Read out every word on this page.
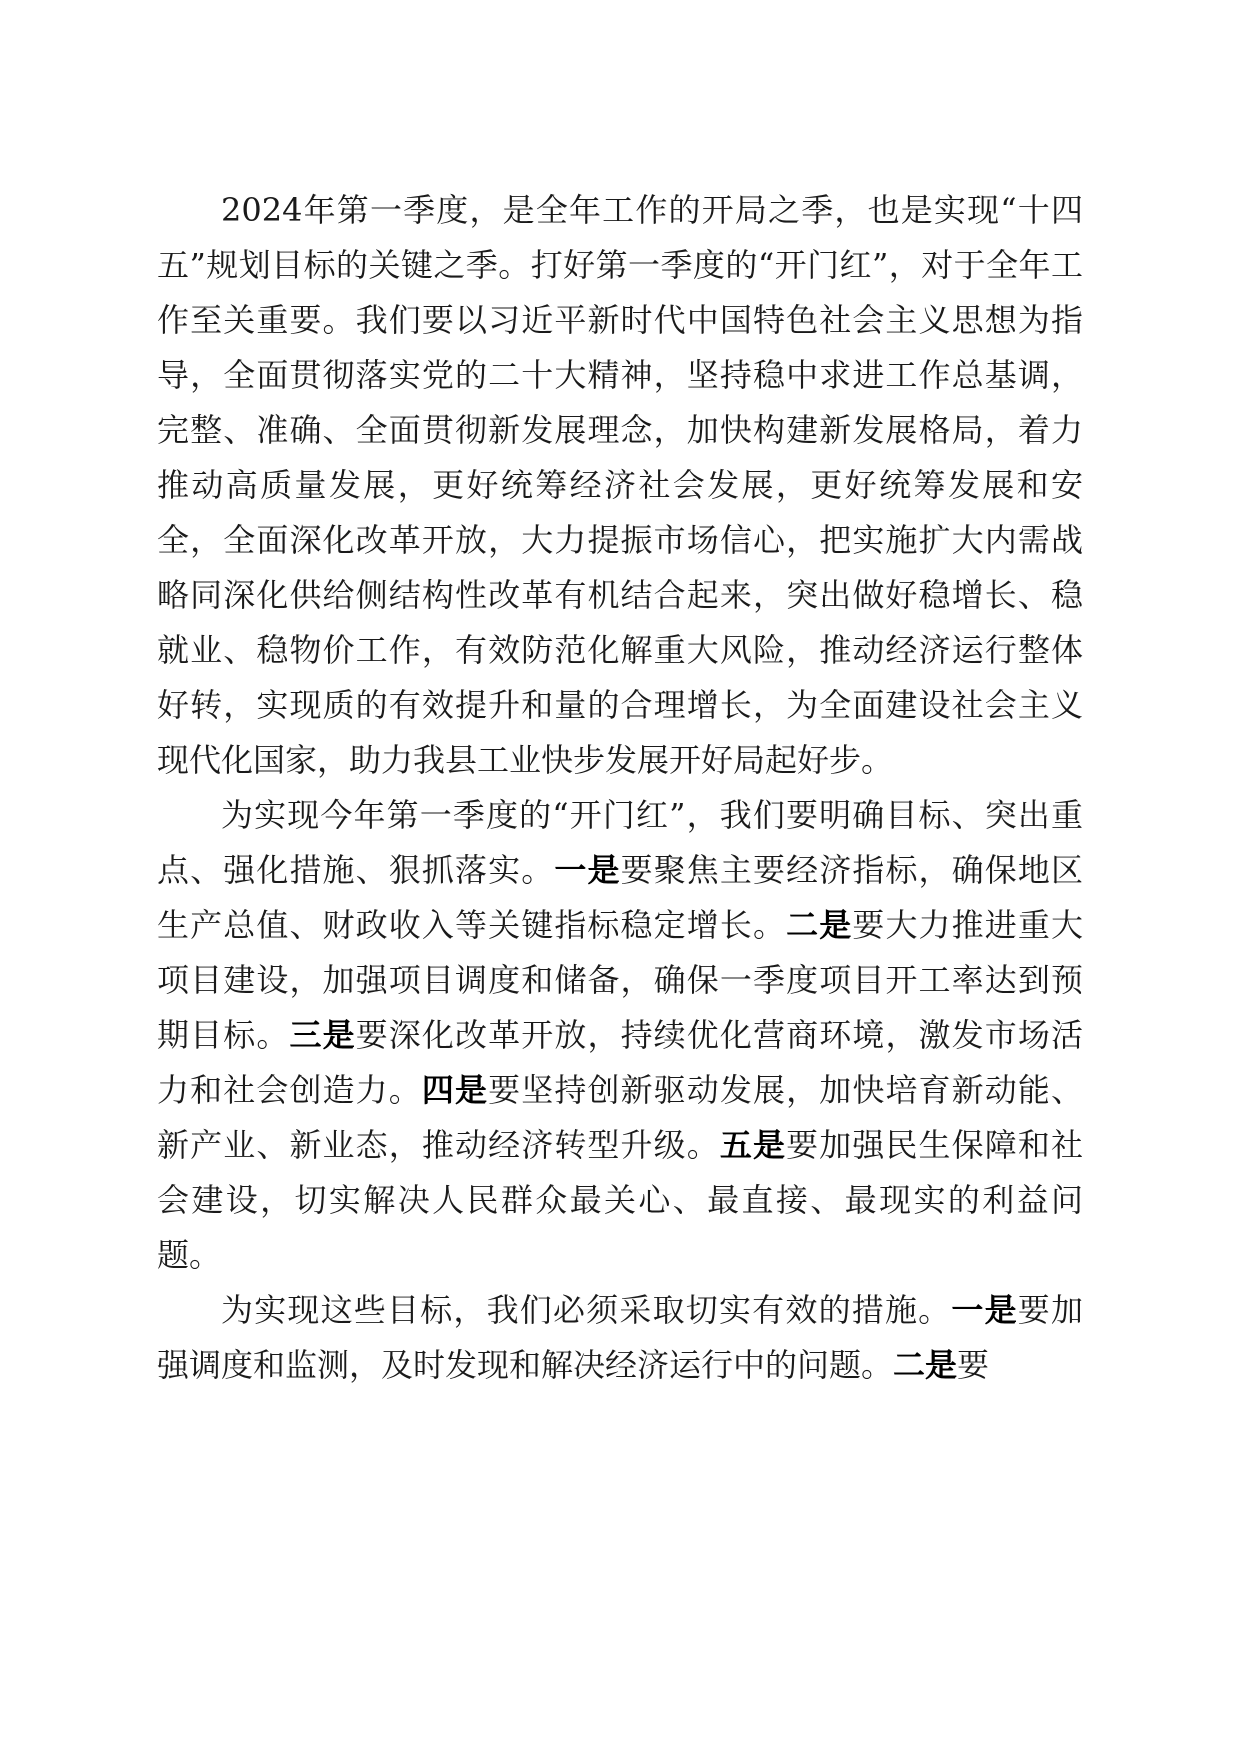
2024年第一季度，是全年工作的开局之季，也是实现“十四五”规划目标的关键之季。打好第一季度的“开门红”，对于全年工作至关重要。我们要以习近平新时代中国特色社会主义思想为指导，全面贯彻落实党的二十大精神，坚持稳中求进工作总基调，完整、准确、全面贯彻新发展理念，加快构建新发展格局，着力推动高质量发展，更好统筹经济社会发展，更好统筹发展和安全，全面深化改革开放，大力提振市场信心，把实施扩大内需战略同深化供给侧结构性改革有机结合起来，突出做好稳增长、稳就业、稳物价工作，有效防范化解重大风险，推动经济运行整体好转，实现质的有效提升和量的合理增长，为全面建设社会主义现代化国家，助力我县工业快步发展开好局起好步。

为实现今年第一季度的“开门红”，我们要明确目标、突出重点、强化措施、狠抓落实。一是要聚焦主要经济指标，确保地区生产总值、财政收入等关键指标稳定增长。二是要大力推进重大项目建设，加强项目调度和储备，确保一季度项目开工率达到预期目标。三是要深化改革开放，持续优化营商环境，激发市场活力和社会创造力。四是要坚持创新驱动发展，加快培育新动能、新产业、新业态，推动经济转型升级。五是要加强民生保障和社会建设，切实解决人民群众最关心、最直接、最现实的利益问题。

为实现这些目标，我们必须采取切实有效的措施。一是要加强调度和监测，及时发现和解决经济运行中的问题。二是要
